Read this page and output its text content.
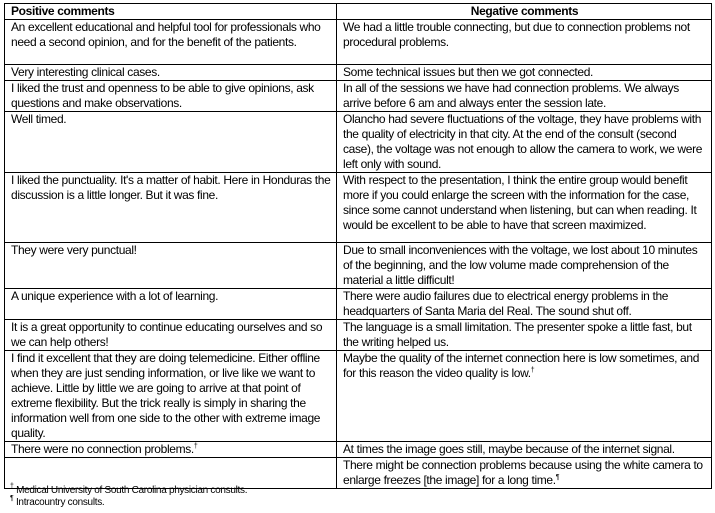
Positive comments	Negative comments
An excellent educational and helpful tool for professionals who need a second opinion, and for the benefit of the patients.	We had a little trouble connecting, but due to connection problems not procedural problems.
Very interesting clinical cases.	Some technical issues but then we got connected.
I liked the trust and openness to be able to give opinions, ask questions and make observations.	In all of the sessions we have had connection problems. We always arrive before 6 am and always enter the session late.
Well timed.	Olancho had severe fluctuations of the voltage, they have problems with the quality of electricity in that city. At the end of the consult (second case), the voltage was not enough to allow the camera to work, we were left only with sound.
I liked the punctuality. It's a matter of habit. Here in Honduras the discussion is a little longer. But it was fine.	With respect to the presentation, I think the entire group would benefit more if you could enlarge the screen with the information for the case, since some cannot understand when listening, but can when reading. It would be excellent to be able to have that screen maximized.
They were very punctual!	Due to small inconveniences with the voltage, we lost about 10 minutes of the beginning, and the low volume made comprehension of the material a little difficult!
A unique experience with a lot of learning.	There were audio failures due to electrical energy problems in the headquarters of Santa Maria del Real. The sound shut off.
It is a great opportunity to continue educating ourselves and so we can help others!	The language is a small limitation. The presenter spoke a little fast, but the writing helped us.
I find it excellent that they are doing telemedicine. Either offline when they are just sending information, or live like we want to achieve. Little by little we are going to arrive at that point of extreme flexibility. But the trick really is simply in sharing the information well from one side to the other with extreme image quality.	Maybe the quality of the internet connection here is low sometimes, and for this reason the video quality is low.†
There were no connection problems.†	At times the image goes still, maybe because of the internet signal.
	There might be connection problems because using the white camera to enlarge freezes [the image] for a long time.¶
† Medical University of South Carolina physician consults.
¶ Intracountry consults.
